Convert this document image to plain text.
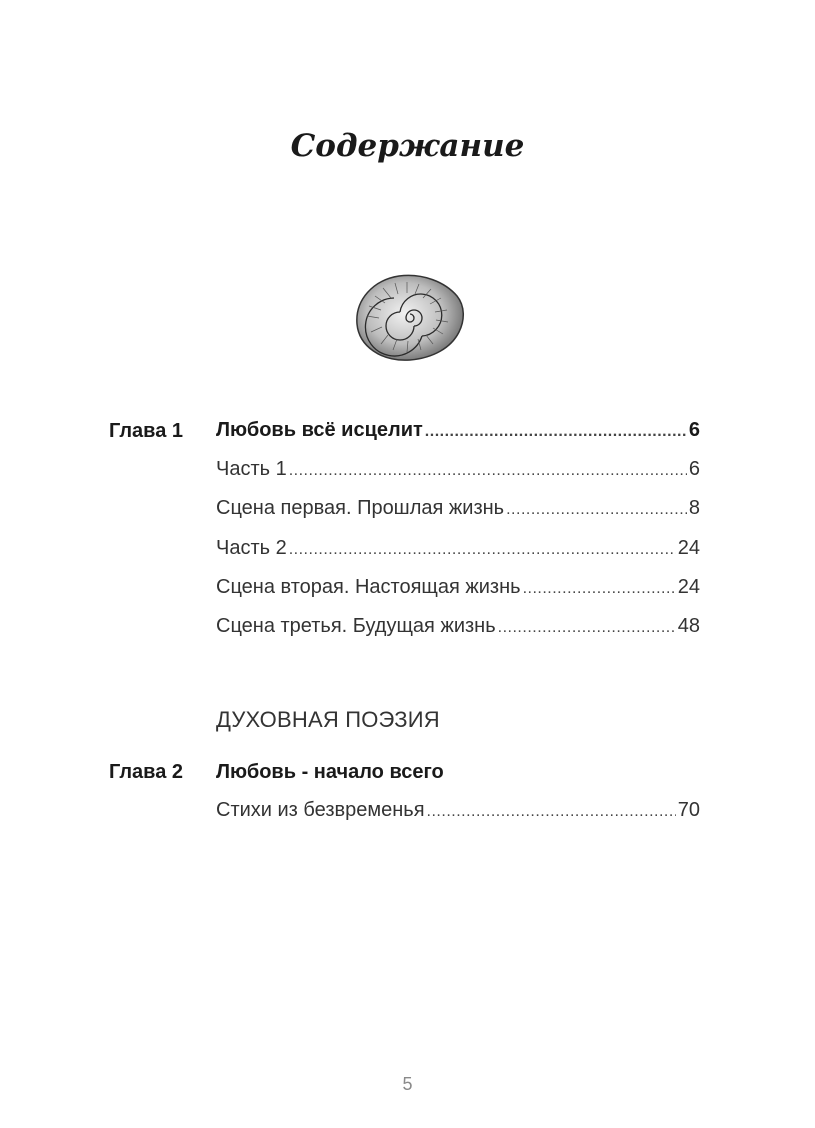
Содержание
Глава 1 Любовь всё исцелит .....	6
Часть 1 .....	6
Сцена первая. Прошлая жизнь .....	8
Часть 2 .....	24
Сцена вторая. Настоящая жизнь .....	24
Сцена третья. Будущая жизнь .....	48
ДУХОВНАЯ ПОЭЗИЯ
Глава 2 Любовь - начало всего
Стихи из безвременья .....	70
5
